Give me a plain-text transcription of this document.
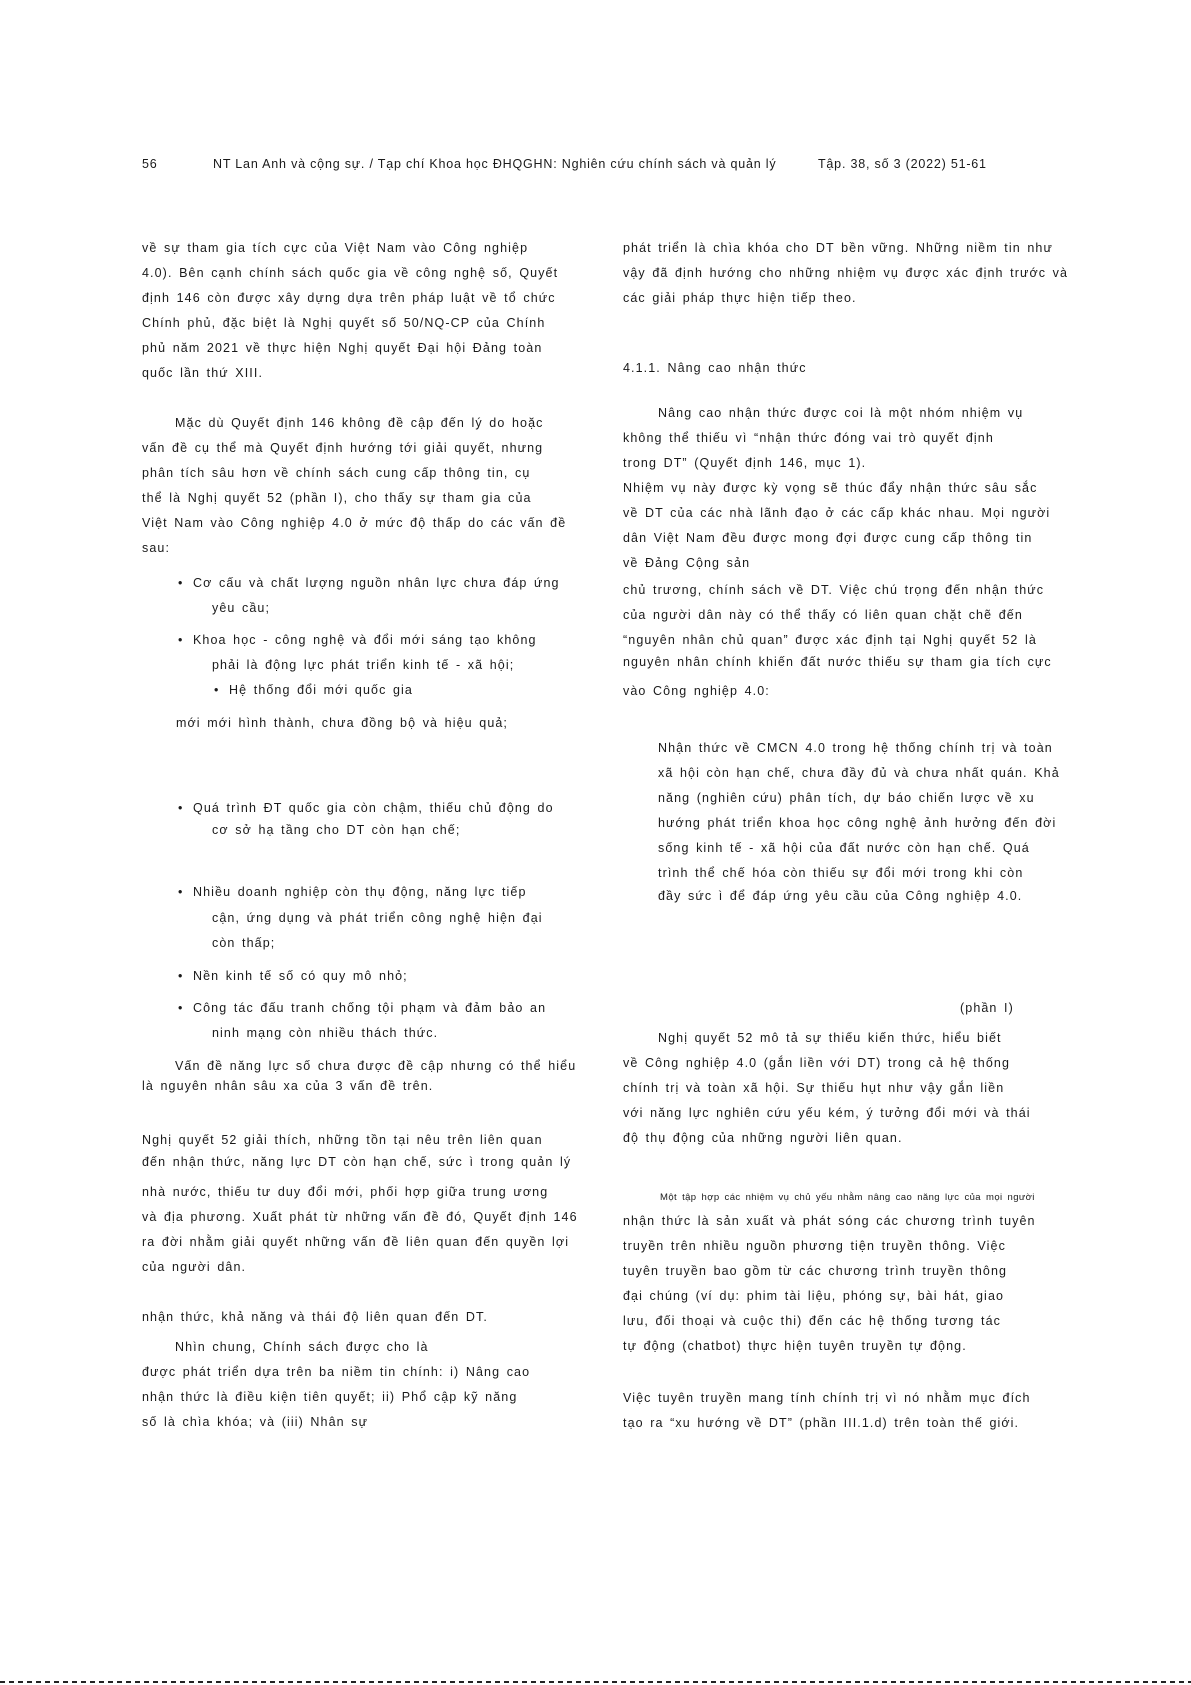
56	NT Lan Anh và cộng sự. / Tạp chí Khoa học ĐHQGHN: Nghiên cứu chính sách và quản lý	Tập. 38, số 3 (2022) 51-61
về sự tham gia tích cực của Việt Nam vào Công nghiệp
4.0). Bên cạnh chính sách quốc gia về công nghệ số, Quyết
định 146 còn được xây dựng dựa trên pháp luật về tổ chức
Chính phủ, đặc biệt là Nghị quyết số 50/NQ-CP của Chính
phủ năm 2021 về thực hiện Nghị quyết Đại hội Đảng toàn
quốc lần thứ XIII.
Mặc dù Quyết định 146 không đề cập đến lý do hoặc
vấn đề cụ thể mà Quyết định hướng tới giải quyết, nhưng
phân tích sâu hơn về chính sách cung cấp thông tin, cụ
thể là Nghị quyết 52 (phần I), cho thấy sự tham gia của
Việt Nam vào Công nghiệp 4.0 ở mức độ thấp do các vấn đề
sau:
• Cơ cấu và chất lượng nguồn nhân lực chưa đáp ứng
yêu cầu;
• Khoa học - công nghệ và đổi mới sáng tạo không
phải là động lực phát triển kinh tế - xã hội;
• Hệ thống đổi mới quốc gia
mới mới hình thành, chưa đồng bộ và hiệu quả;
• Quá trình ĐT quốc gia còn chậm, thiếu chủ động do
cơ sở hạ tầng cho DT còn hạn chế;
• Nhiều doanh nghiệp còn thụ động, năng lực tiếp
cận, ứng dụng và phát triển công nghệ hiện đại
còn thấp;
• Nền kinh tế số có quy mô nhỏ;
• Công tác đấu tranh chống tội phạm và đảm bảo an
ninh mạng còn nhiều thách thức.
Vấn đề năng lực số chưa được đề cập nhưng có thể hiểu
là nguyên nhân sâu xa của 3 vấn đề trên.
Nghị quyết 52 giải thích, những tồn tại nêu trên liên quan
đến nhận thức, năng lực DT còn hạn chế, sức ì trong quản lý
nhà nước, thiếu tư duy đổi mới, phối hợp giữa trung ương
và địa phương. Xuất phát từ những vấn đề đó, Quyết định 146
ra đời nhằm giải quyết những vấn đề liên quan đến quyền lợi
của người dân.
nhận thức, khả năng và thái độ liên quan đến DT.
Nhìn chung, Chính sách được cho là
được phát triển dựa trên ba niềm tin chính: i) Nâng cao
nhận thức là điều kiện tiên quyết; ii) Phổ cập kỹ năng
số là chìa khóa; và (iii) Nhân sự
phát triển là chìa khóa cho DT bền vững. Những niềm tin như
vậy đã định hướng cho những nhiệm vụ được xác định trước và
các giải pháp thực hiện tiếp theo.
4.1.1. Nâng cao nhận thức
Nâng cao nhận thức được coi là một nhóm nhiệm vụ
không thể thiếu vì “nhận thức đóng vai trò quyết định
trong DT” (Quyết định 146, mục 1).
Nhiệm vụ này được kỳ vọng sẽ thúc đẩy nhận thức sâu sắc
về DT của các nhà lãnh đạo ở các cấp khác nhau. Mọi người
dân Việt Nam đều được mong đợi được cung cấp thông tin
về Đảng Cộng sản
chủ trương, chính sách về DT. Việc chú trọng đến nhận thức
của người dân này có thể thấy có liên quan chặt chẽ đến
“nguyên nhân chủ quan” được xác định tại Nghị quyết 52 là
nguyên nhân chính khiến đất nước thiếu sự tham gia tích cực
vào Công nghiệp 4.0:
Nhận thức về CMCN 4.0 trong hệ thống chính trị và toàn
xã hội còn hạn chế, chưa đầy đủ và chưa nhất quán. Khả
năng (nghiên cứu) phân tích, dự báo chiến lược về xu
hướng phát triển khoa học công nghệ ảnh hưởng đến đời
sống kinh tế - xã hội của đất nước còn hạn chế. Quá
trình thể chế hóa còn thiếu sự đổi mới trong khi còn
đầy sức ì để đáp ứng yêu cầu của Công nghiệp 4.0.
(phần I)
Nghị quyết 52 mô tả sự thiếu kiến thức, hiểu biết
về Công nghiệp 4.0 (gắn liền với DT) trong cả hệ thống
chính trị và toàn xã hội. Sự thiếu hụt như vậy gắn liền
với năng lực nghiên cứu yếu kém, ý tưởng đổi mới và thái
độ thụ động của những người liên quan.
Một tập hợp các nhiệm vụ chủ yếu nhằm nâng cao năng lực của mọi người
nhận thức là sản xuất và phát sóng các chương trình tuyên
truyền trên nhiều nguồn phương tiện truyền thông. Việc
tuyên truyền bao gồm từ các chương trình truyền thông
đại chúng (ví dụ: phim tài liệu, phóng sự, bài hát, giao
lưu, đối thoại và cuộc thi) đến các hệ thống tương tác
tự động (chatbot) thực hiện tuyên truyền tự động.
Việc tuyên truyền mang tính chính trị vì nó nhằm mục đích
tạo ra “xu hướng về DT” (phần III.1.d) trên toàn thế giới.
